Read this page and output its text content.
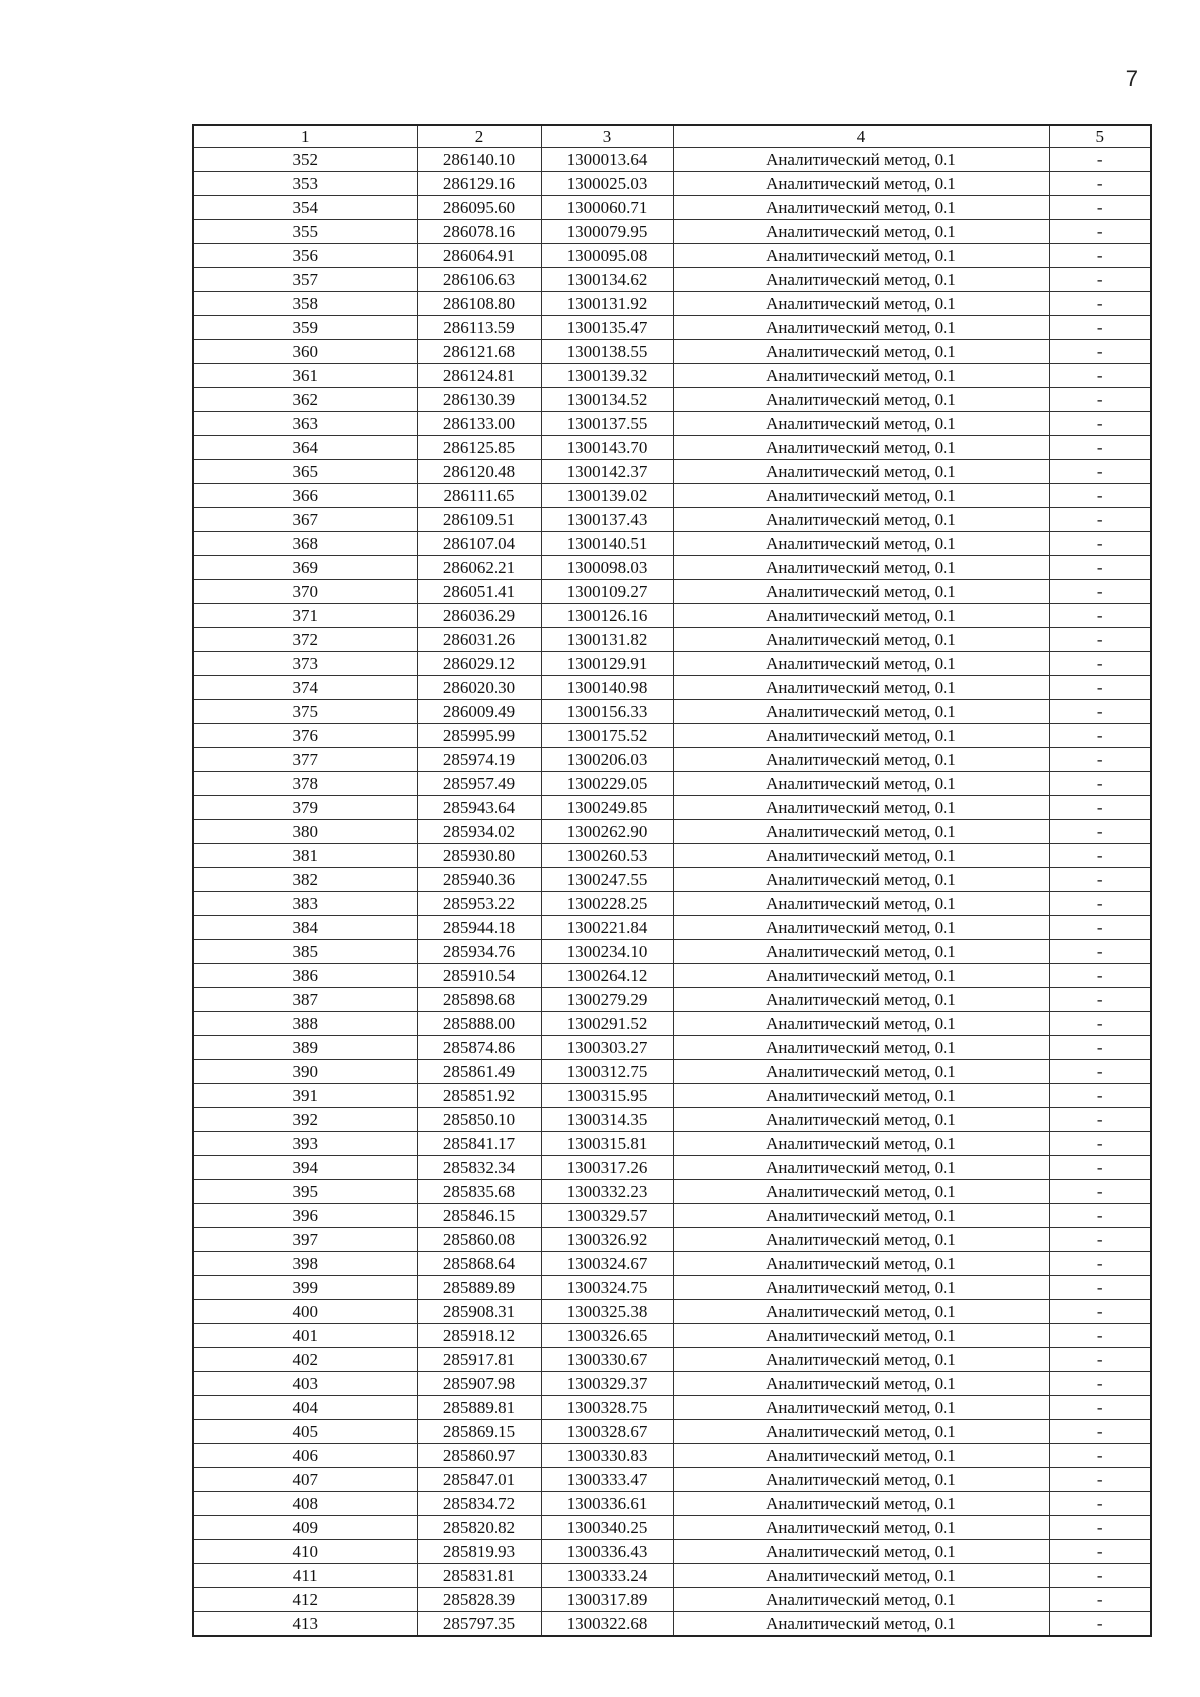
7
1	2	3	4	5
352	286140.10	1300013.64	Аналитический метод, 0.1	-
353	286129.16	1300025.03	Аналитический метод, 0.1	-
354	286095.60	1300060.71	Аналитический метод, 0.1	-
355	286078.16	1300079.95	Аналитический метод, 0.1	-
356	286064.91	1300095.08	Аналитический метод, 0.1	-
357	286106.63	1300134.62	Аналитический метод, 0.1	-
358	286108.80	1300131.92	Аналитический метод, 0.1	-
359	286113.59	1300135.47	Аналитический метод, 0.1	-
360	286121.68	1300138.55	Аналитический метод, 0.1	-
361	286124.81	1300139.32	Аналитический метод, 0.1	-
362	286130.39	1300134.52	Аналитический метод, 0.1	-
363	286133.00	1300137.55	Аналитический метод, 0.1	-
364	286125.85	1300143.70	Аналитический метод, 0.1	-
365	286120.48	1300142.37	Аналитический метод, 0.1	-
366	286111.65	1300139.02	Аналитический метод, 0.1	-
367	286109.51	1300137.43	Аналитический метод, 0.1	-
368	286107.04	1300140.51	Аналитический метод, 0.1	-
369	286062.21	1300098.03	Аналитический метод, 0.1	-
370	286051.41	1300109.27	Аналитический метод, 0.1	-
371	286036.29	1300126.16	Аналитический метод, 0.1	-
372	286031.26	1300131.82	Аналитический метод, 0.1	-
373	286029.12	1300129.91	Аналитический метод, 0.1	-
374	286020.30	1300140.98	Аналитический метод, 0.1	-
375	286009.49	1300156.33	Аналитический метод, 0.1	-
376	285995.99	1300175.52	Аналитический метод, 0.1	-
377	285974.19	1300206.03	Аналитический метод, 0.1	-
378	285957.49	1300229.05	Аналитический метод, 0.1	-
379	285943.64	1300249.85	Аналитический метод, 0.1	-
380	285934.02	1300262.90	Аналитический метод, 0.1	-
381	285930.80	1300260.53	Аналитический метод, 0.1	-
382	285940.36	1300247.55	Аналитический метод, 0.1	-
383	285953.22	1300228.25	Аналитический метод, 0.1	-
384	285944.18	1300221.84	Аналитический метод, 0.1	-
385	285934.76	1300234.10	Аналитический метод, 0.1	-
386	285910.54	1300264.12	Аналитический метод, 0.1	-
387	285898.68	1300279.29	Аналитический метод, 0.1	-
388	285888.00	1300291.52	Аналитический метод, 0.1	-
389	285874.86	1300303.27	Аналитический метод, 0.1	-
390	285861.49	1300312.75	Аналитический метод, 0.1	-
391	285851.92	1300315.95	Аналитический метод, 0.1	-
392	285850.10	1300314.35	Аналитический метод, 0.1	-
393	285841.17	1300315.81	Аналитический метод, 0.1	-
394	285832.34	1300317.26	Аналитический метод, 0.1	-
395	285835.68	1300332.23	Аналитический метод, 0.1	-
396	285846.15	1300329.57	Аналитический метод, 0.1	-
397	285860.08	1300326.92	Аналитический метод, 0.1	-
398	285868.64	1300324.67	Аналитический метод, 0.1	-
399	285889.89	1300324.75	Аналитический метод, 0.1	-
400	285908.31	1300325.38	Аналитический метод, 0.1	-
401	285918.12	1300326.65	Аналитический метод, 0.1	-
402	285917.81	1300330.67	Аналитический метод, 0.1	-
403	285907.98	1300329.37	Аналитический метод, 0.1	-
404	285889.81	1300328.75	Аналитический метод, 0.1	-
405	285869.15	1300328.67	Аналитический метод, 0.1	-
406	285860.97	1300330.83	Аналитический метод, 0.1	-
407	285847.01	1300333.47	Аналитический метод, 0.1	-
408	285834.72	1300336.61	Аналитический метод, 0.1	-
409	285820.82	1300340.25	Аналитический метод, 0.1	-
410	285819.93	1300336.43	Аналитический метод, 0.1	-
411	285831.81	1300333.24	Аналитический метод, 0.1	-
412	285828.39	1300317.89	Аналитический метод, 0.1	-
413	285797.35	1300322.68	Аналитический метод, 0.1	-
